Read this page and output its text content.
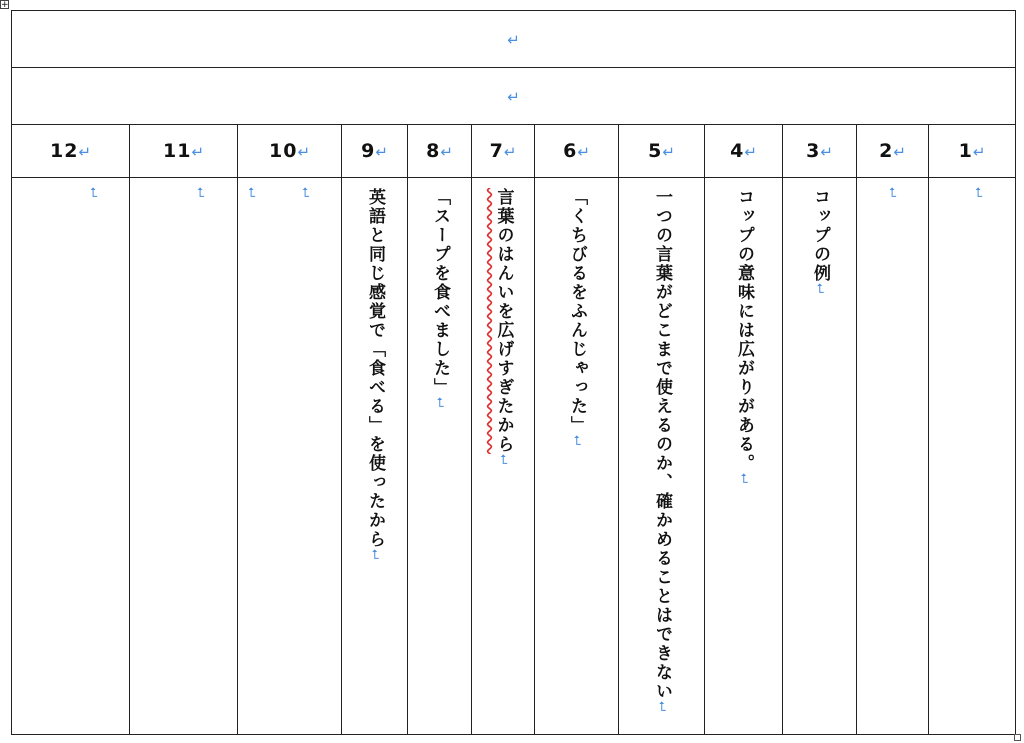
+
↵											
↵											
12↵	11↵	10↵	9↵	8↵	7↵	6↵	5↵	4↵	3↵	2↵	1↵

⮤	⮤	⮤ ⮤	英語と同じ感覚で「食べる」を使ったから⮤	「スープを食べました」⮤	言葉のはんいを広げすぎたから⮤	「くちびるをふんじゃった」⮤	一つの言葉がどこまで使えるのか、確かめることはできない⮤	コップの意味には広がりがある。⮤	コップの例⮤	⮤	⮤
